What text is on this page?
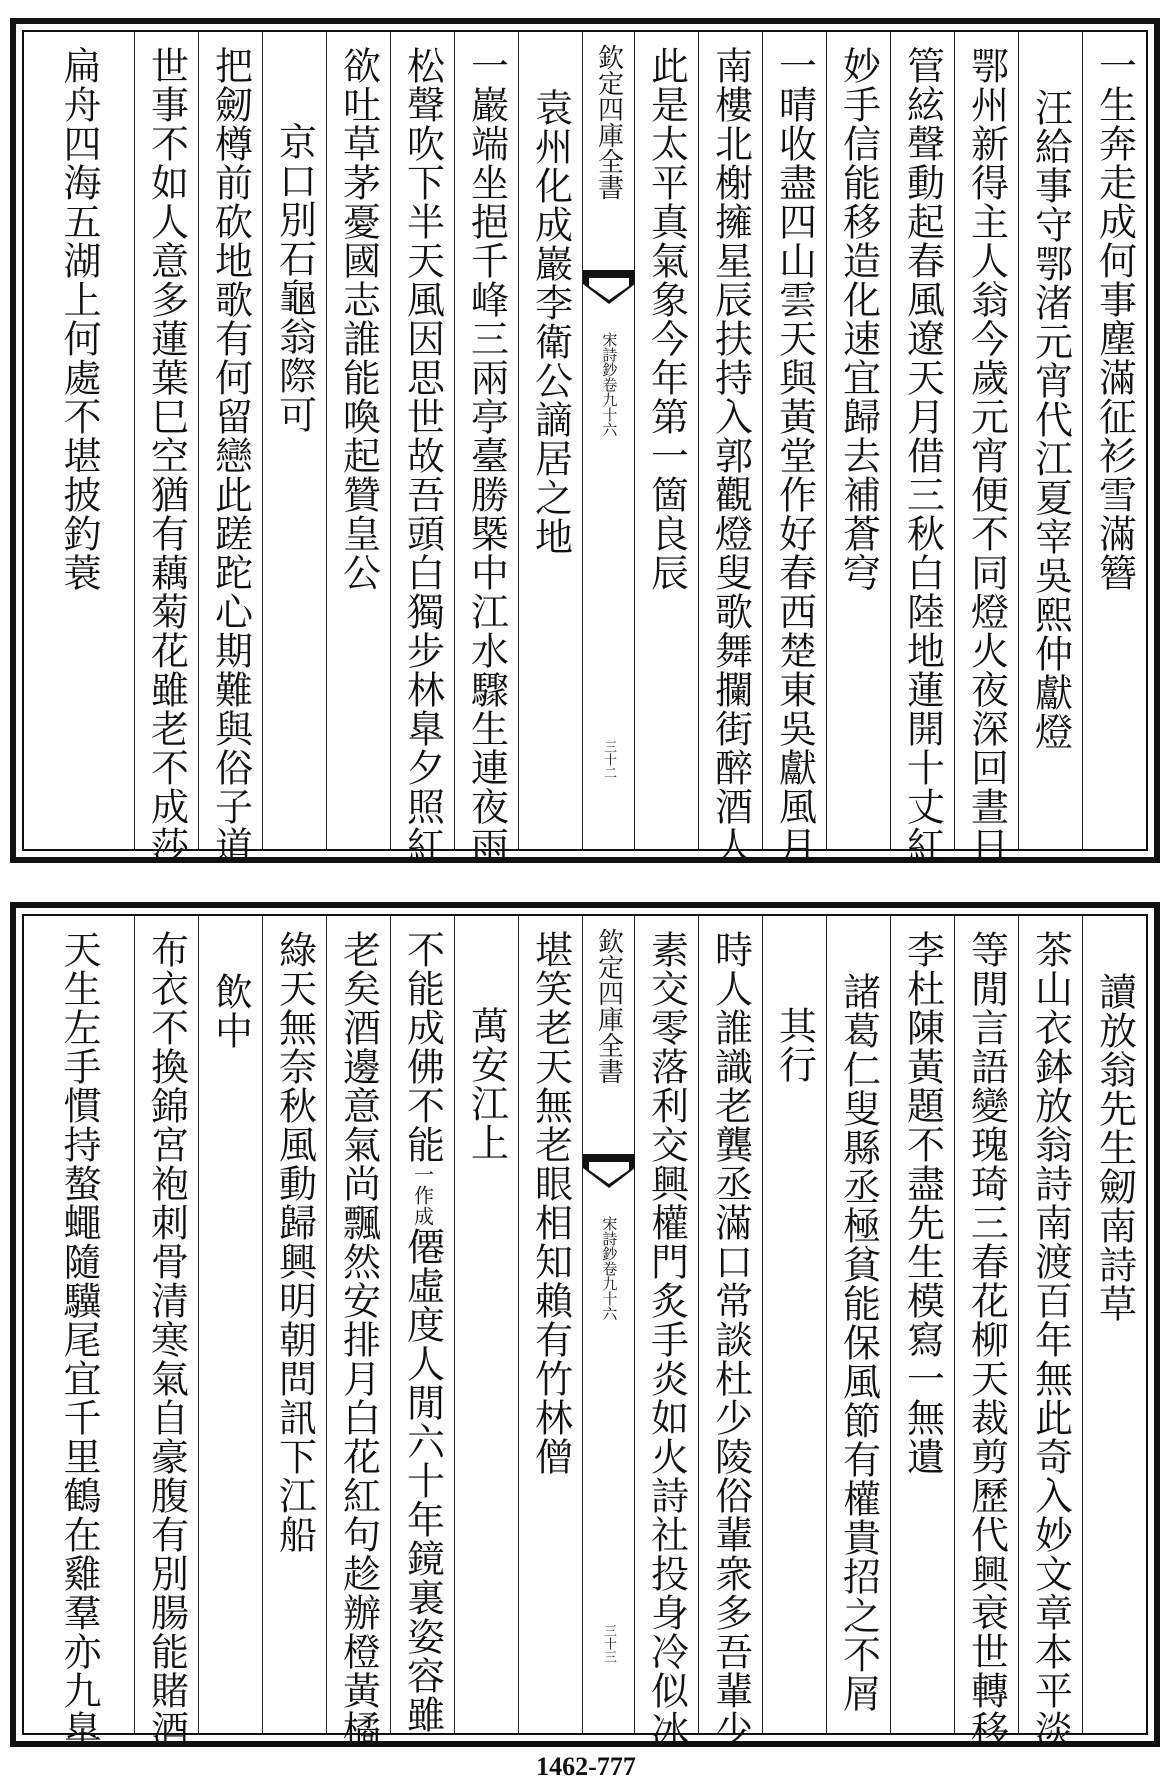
一生奔走成何事塵滿征衫雪滿簪
汪給事守鄂渚元宵代江夏宰吳熙仲獻燈
鄂州新得主人翁今歲元宵便不同燈火夜深回晝日
管絃聲動起春風遼天月借三秋白陸地蓮開十丈紅
妙手信能移造化速宜歸去補蒼穹
一晴收盡四山雲天與黃堂作好春西楚東吳獻風月
南樓北榭擁星辰扶持入郭觀燈叟歌舞攔街醉酒人
此是太平真氣象今年第一箇良辰
欽定四庫全書
宋詩鈔卷九十六
三十二
袁州化成巖李衛公謫居之地
一巖端坐挹千峰三兩亭臺勝槩中江水驟生連夜雨
松聲吹下半天風因思世故吾頭白獨步林臯夕照紅
欲吐草茅憂國志誰能喚起贊皇公
京口別石龜翁際可
把劒樽前砍地歌有何留戀此蹉跎心期難與俗子道
世事不如人意多蓮葉巳空猶有藕菊花雖老不成莎
扁舟四海五湖上何處不堪披釣蓑
讀放翁先生劒南詩草
茶山衣鉢放翁詩南渡百年無此奇入妙文章本平淡
等閒言語變瑰琦三春花柳天裁剪歷代興衰世轉移
李杜陳黃題不盡先生模寫一無遺
諸葛仁叟縣丞極貧能保風節有權貴招之不屑
其行
時人誰識老龔丞滿口常談杜少陵俗輩衆多吾輩少
素交零落利交興權門炙手炎如火詩社投身冷似冰
欽定四庫全書
宋詩鈔卷九十六
三十三
堪笑老天無老眼相知賴有竹林僧
萬安江上
不能成佛不能一作成僊虛度人閒六十年鏡裏姿容雖
老矣酒邊意氣尚飄然安排月白花紅句趁辦橙黃橘
綠天無奈秋風動歸興明朝問訊下江船
飲中
布衣不換錦宮袍刺骨清寒氣自豪腹有別腸能賭酒
天生左手慣持螯蠅隨驥尾宜千里鶴在雞羣亦九臯
1462-777
